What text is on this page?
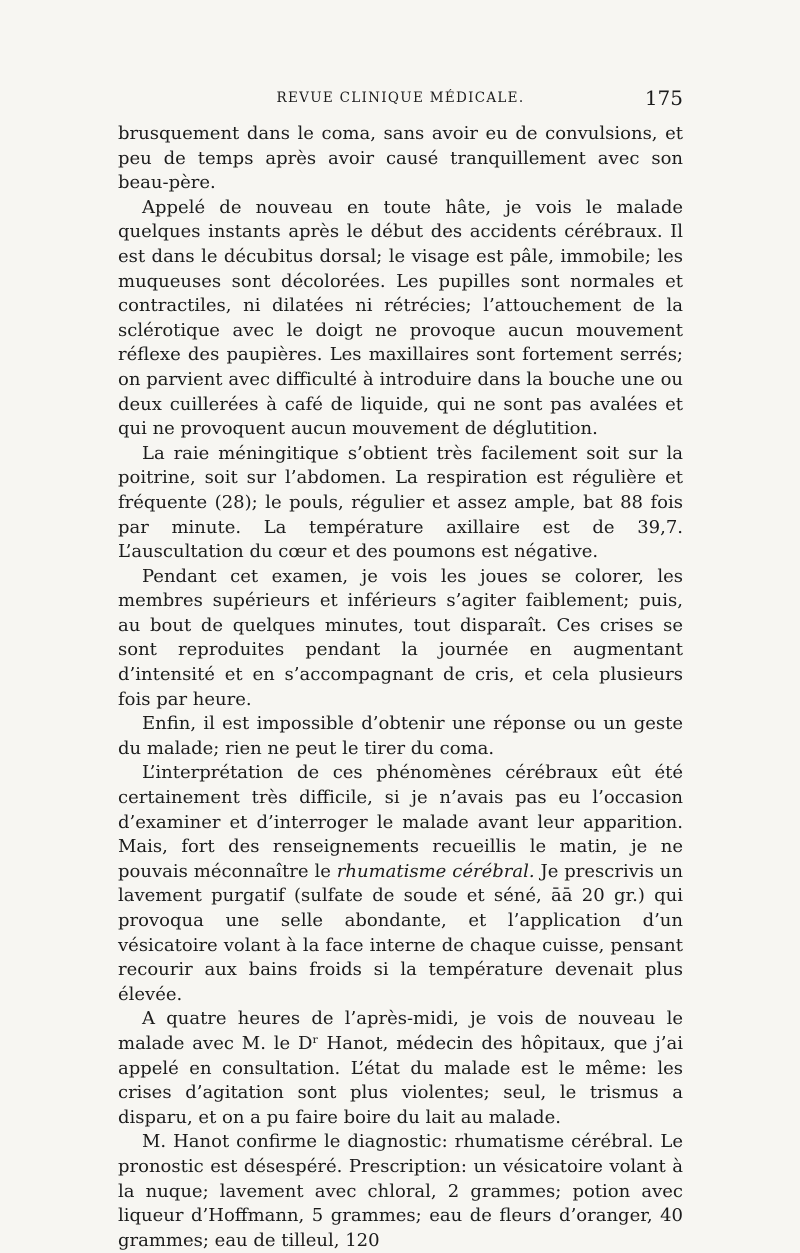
REVUE CLINIQUE MÉDICALE.	175

brusquement dans le coma, sans avoir eu de convulsions, et peu de temps après avoir causé tranquillement avec son beau-père.

Appelé de nouveau en toute hâte, je vois le malade quelques instants après le début des accidents cérébraux. Il est dans le décubitus dorsal; le visage est pâle, immobile; les muqueuses sont décolorées. Les pupilles sont normales et contractiles, ni dilatées ni rétrécies; l’attouchement de la sclérotique avec le doigt ne provoque aucun mouvement réflexe des paupières. Les maxillaires sont fortement serrés; on parvient avec difficulté à introduire dans la bouche une ou deux cuillerées à café de liquide, qui ne sont pas avalées et qui ne provoquent aucun mouvement de déglutition.

La raie méningitique s’obtient très facilement soit sur la poitrine, soit sur l’abdomen. La respiration est régulière et fréquente (28); le pouls, régulier et assez ample, bat 88 fois par minute. La température axillaire est de 39,7. L’auscultation du cœur et des poumons est négative.

Pendant cet examen, je vois les joues se colorer, les membres supérieurs et inférieurs s’agiter faiblement; puis, au bout de quelques minutes, tout disparaît. Ces crises se sont reproduites pendant la journée en augmentant d’intensité et en s’accompagnant de cris, et cela plusieurs fois par heure.

Enfin, il est impossible d’obtenir une réponse ou un geste du malade; rien ne peut le tirer du coma.

L’interprétation de ces phénomènes cérébraux eût été certainement très difficile, si je n’avais pas eu l’occasion d’examiner et d’interroger le malade avant leur apparition. Mais, fort des renseignements recueillis le matin, je ne pouvais méconnaître le rhumatisme cérébral. Je prescrivis un lavement purgatif (sulfate de soude et séné, āā 20 gr.) qui provoqua une selle abondante, et l’application d’un vésicatoire volant à la face interne de chaque cuisse, pensant recourir aux bains froids si la température devenait plus élevée.

A quatre heures de l’après-midi, je vois de nouveau le malade avec M. le Dʳ Hanot, médecin des hôpitaux, que j’ai appelé en consultation. L’état du malade est le même: les crises d’agitation sont plus violentes; seul, le trismus a disparu, et on a pu faire boire du lait au malade.

M. Hanot confirme le diagnostic: rhumatisme cérébral. Le pronostic est désespéré. Prescription: un vésicatoire volant à la nuque; lavement avec chloral, 2 grammes; potion avec liqueur d’Hoffmann, 5 grammes; eau de fleurs d’oranger, 40 grammes; eau de tilleul, 120
